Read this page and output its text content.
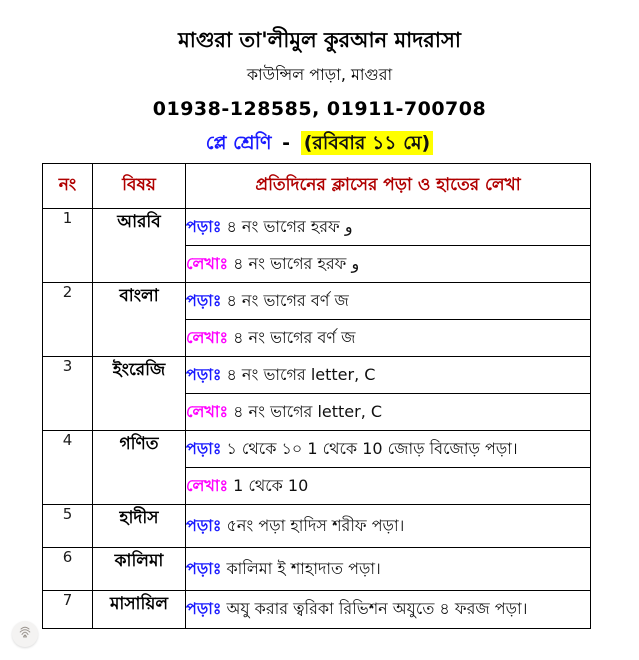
মাগুরা তা'লীমুল কুরআন মাদরাসা
কাউন্সিল পাড়া, মাগুরা
01938-128585, 01911-700708
প্লে শ্রেণি - (রবিবার ১১ মে)
নং	বিষয়	প্রতিদিনের ক্লাসের পড়া ও হাতের লেখা
1	আরবি	পড়াঃ ৪ নং ভাগের হরফ و
		লেখাঃ ৪ নং ভাগের হরফ و
2	বাংলা	পড়াঃ ৪ নং ভাগের বর্ণ জ
		লেখাঃ ৪ নং ভাগের বর্ণ জ
3	ইংরেজি	পড়াঃ ৪ নং ভাগের letter, C
		লেখাঃ ৪ নং ভাগের letter, C
4	গণিত	পড়াঃ ১ থেকে ১০ 1 থেকে 10 জোড় বিজোড় পড়া।
		লেখাঃ 1 থেকে 10
5	হাদীস	পড়াঃ ৫নং পড়া হাদিস শরীফ পড়া।
6	কালিমা	পড়াঃ কালিমা ই শাহাদাত পড়া।
7	মাসায়িল	পড়াঃ অযু করার ত্বরিকা রিভিশন অযুতে ৪ ফরজ পড়া।
